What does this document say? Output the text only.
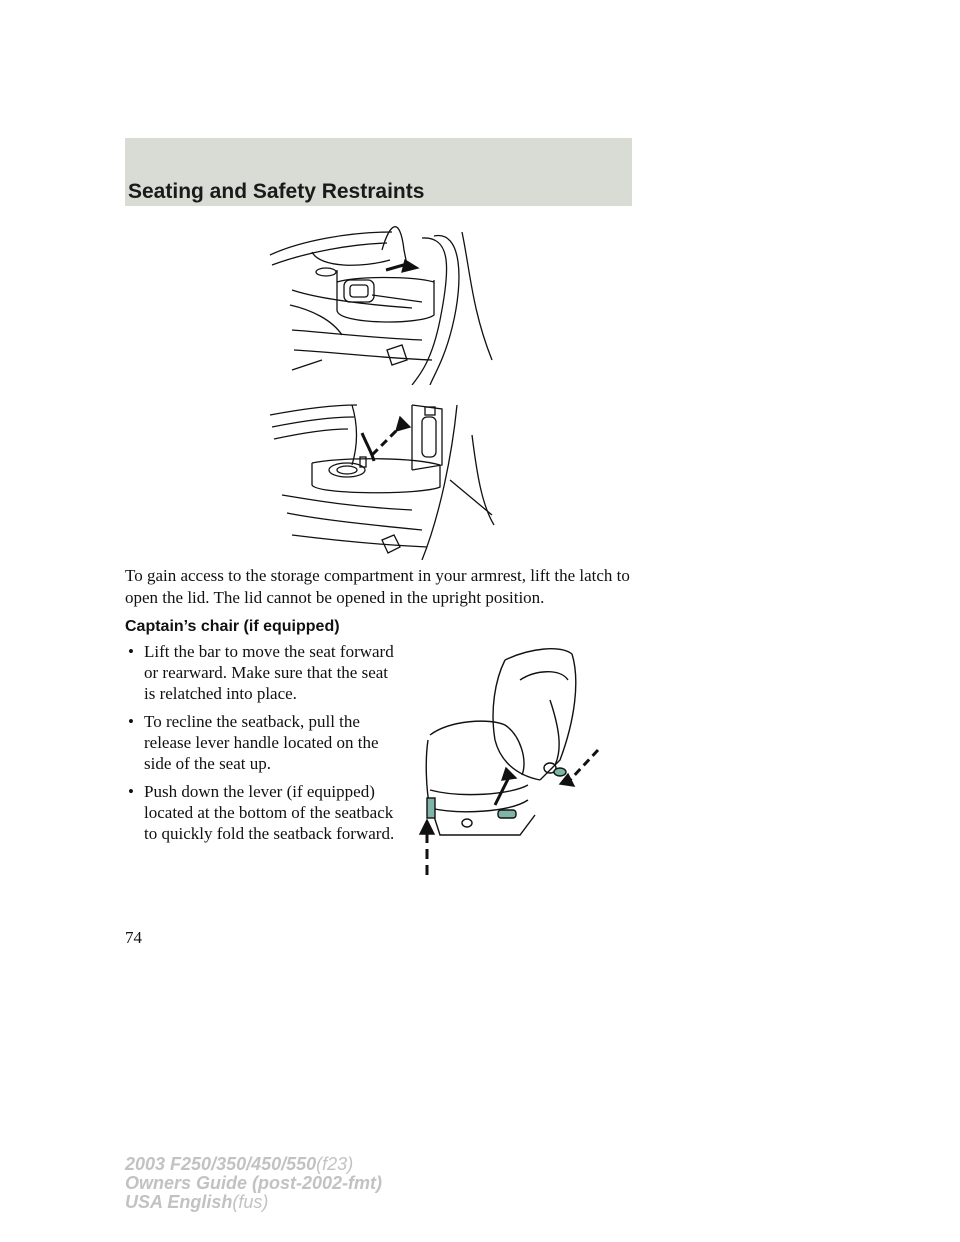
Seating and Safety Restraints
To gain access to the storage compartment in your armrest, lift the latch to open the lid. The lid cannot be opened in the upright position.
Captain’s chair (if equipped)
• Lift the bar to move the seat forward or rearward. Make sure that the seat is relatched into place.
• To recline the seatback, pull the release lever handle located on the side of the seat up.
• Push down the lever (if equipped) located at the bottom of the seatback to quickly fold the seatback forward.
74
2003 F250/350/450/550(f23)
Owners Guide (post-2002-fmt)
USA English(fus)
